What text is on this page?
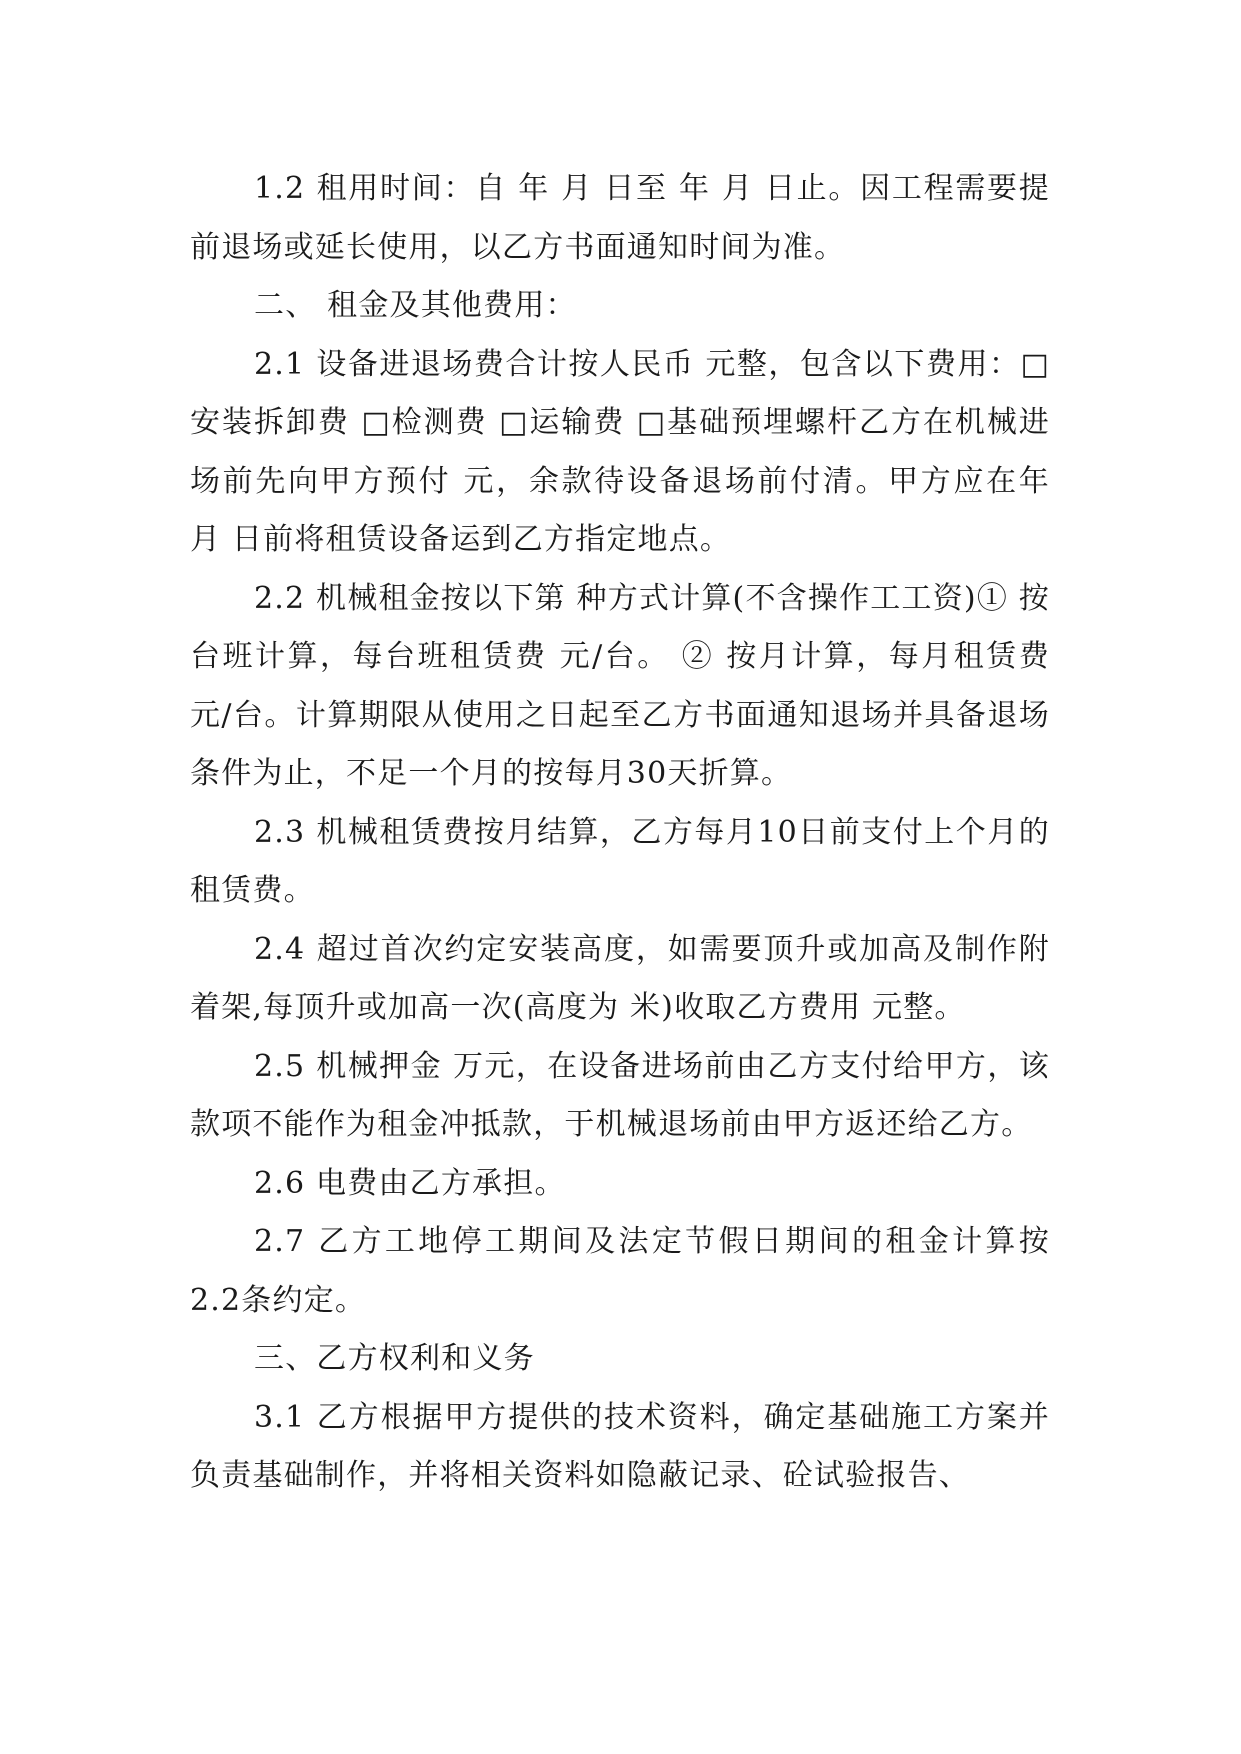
1.2 租用时间：自 年 月 日至 年 月 日止。因工程需要提前退场或延长使用，以乙方书面通知时间为准。

二、 租金及其他费用：

2.1 设备进退场费合计按人民币 元整，包含以下费用：□安装拆卸费 □检测费 □运输费 □基础预埋螺杆乙方在机械进场前先向甲方预付 元，余款待设备退场前付清。甲方应在年 月 日前将租赁设备运到乙方指定地点。

2.2 机械租金按以下第 种方式计算(不含操作工工资)① 按台班计算，每台班租赁费 元/台。 ② 按月计算，每月租赁费 元/台。计算期限从使用之日起至乙方书面通知退场并具备退场条件为止，不足一个月的按每月30天折算。

2.3 机械租赁费按月结算，乙方每月10日前支付上个月的租赁费。

2.4 超过首次约定安装高度，如需要顶升或加高及制作附着架,每顶升或加高一次(高度为 米)收取乙方费用 元整。

2.5 机械押金 万元，在设备进场前由乙方支付给甲方，该款项不能作为租金冲抵款，于机械退场前由甲方返还给乙方。

2.6 电费由乙方承担。

2.7 乙方工地停工期间及法定节假日期间的租金计算按2.2条约定。

三、乙方权利和义务

3.1 乙方根据甲方提供的技术资料，确定基础施工方案并负责基础制作，并将相关资料如隐蔽记录、砼试验报告、
